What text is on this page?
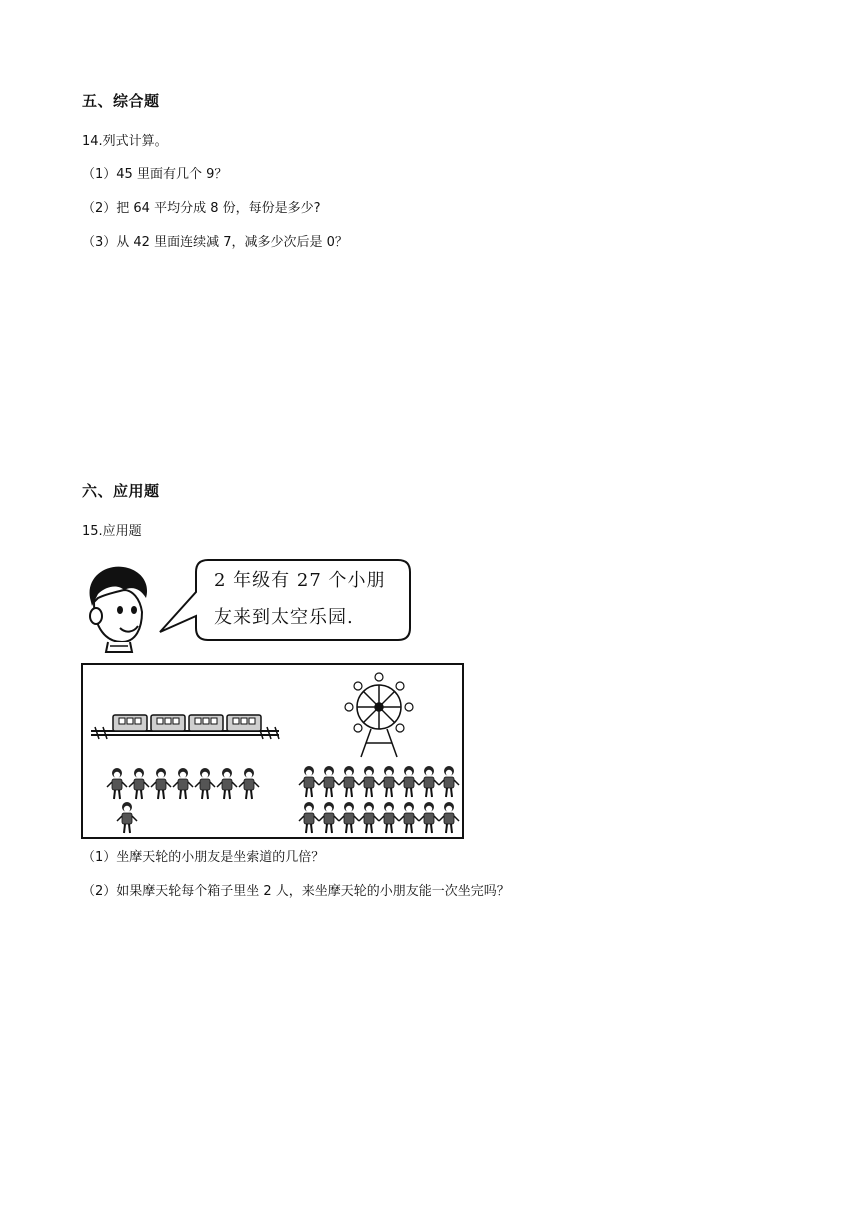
五、综合题
14.列式计算。
（1）45 里面有几个 9？
（2）把 64 平均分成 8 份，每份是多少?
（3）从 42 里面连续减 7，减多少次后是 0？
六、应用题
15.应用题
2 年级有 27 个小朋
友来到太空乐园.
（1）坐摩天轮的小朋友是坐索道的几倍？
（2）如果摩天轮每个箱子里坐 2 人，来坐摩天轮的小朋友能一次坐完吗？
